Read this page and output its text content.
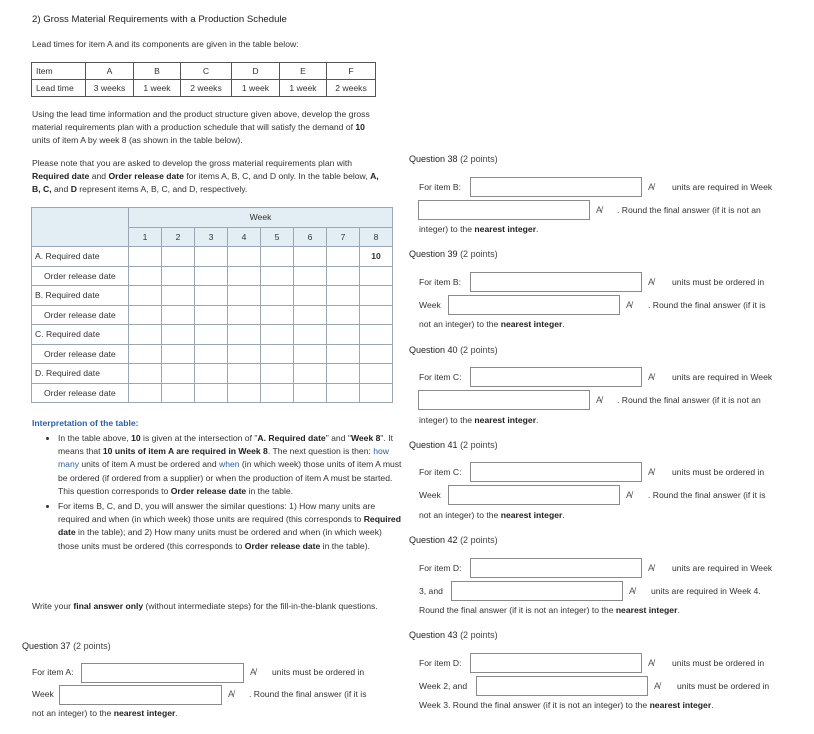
2) Gross Material Requirements with a Production Schedule
Lead times for item A and its components are given in the table below:
Item	A	B	C	D	E	F
Lead time	3 weeks	1 week	2 weeks	1 week	1 week	2 weeks
Using the lead time information and the product structure given above, develop the gross material requirements plan with a production schedule that will satisfy the demand of 10 units of item A by week 8 (as shown in the table below).
Please note that you are asked to develop the gross material requirements plan with Required date and Order release date for items A, B, C, and D only. In the table below, A, B, C, and D represent items A, B, C, and D, respectively.
	Week							
	1	2	3	4	5	6	7	8
A. Required date								10
Order release date								
B. Required date								
Order release date								
C. Required date								
Order release date								
D. Required date								
Order release date								
Interpretation of the table:
• In the table above, 10 is given at the intersection of "A. Required date" and "Week 8". It means that 10 units of item A are required in Week 8. The next question is then: how many units of item A must be ordered and when (in which week) those units of item A must be ordered (if ordered from a supplier) or when the production of item A must be started. This question corresponds to Order release date in the table.
• For items B, C, and D, you will answer the similar questions: 1) How many units are required and when (in which week) those units are required (this corresponds to Required date in the table); and 2) How many units must be ordered and when (in which week) those units must be ordered (this corresponds to Order release date in the table).
Write your final answer only (without intermediate steps) for the fill-in-the-blank questions.
Question 37 (2 points)
For item A:	A̸ units must be ordered in
Week	A̸ . Round the final answer (if it is
not an integer) to the nearest integer.
Question 38 (2 points)
For item B:	A̸ units are required in Week
A̸ . Round the final answer (if it is not an
integer) to the nearest integer.
Question 39 (2 points)
For item B:	A̸ units must be ordered in
Week	A̸ . Round the final answer (if it is
not an integer) to the nearest integer.
Question 40 (2 points)
For item C:	A̸ units are required in Week
A̸ . Round the final answer (if it is not an
integer) to the nearest integer.
Question 41 (2 points)
For item C:	A̸ units must be ordered in
Week	A̸ . Round the final answer (if it is
not an integer) to the nearest integer.
Question 42 (2 points)
For item D:	A̸ units are required in Week
3, and	A̸ units are required in Week 4.
Round the final answer (if it is not an integer) to the nearest integer.
Question 43 (2 points)
For item D:	A̸ units must be ordered in
Week 2, and	A̸ units must be ordered in
Week 3. Round the final answer (if it is not an integer) to the nearest integer.
